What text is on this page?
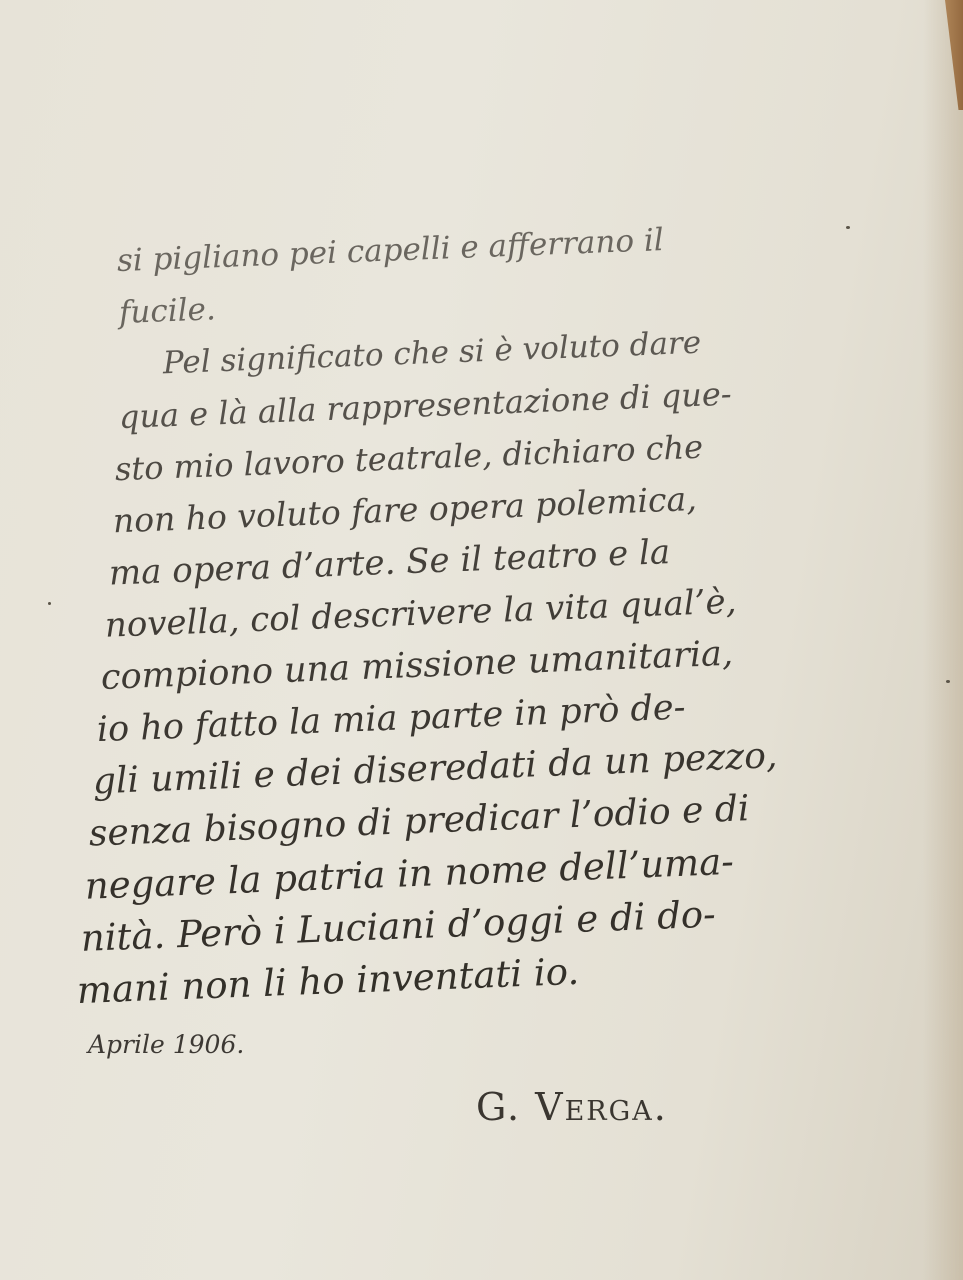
si pigliano pei capelli e afferrano il
fucile.
Pel significato che si è voluto dare
qua e là alla rappresentazione di que-
sto mio lavoro teatrale, dichiaro che
non ho voluto fare opera polemica,
ma opera d’arte. Se il teatro e la
novella, col descrivere la vita qual’è,
compiono una missione umanitaria,
io ho fatto la mia parte in prò de-
gli umili e dei diseredati da un pezzo,
senza bisogno di predicar l’odio e di
negare la patria in nome dell’uma-
nità. Però i Luciani d’oggi e di do-
mani non li ho inventati io.
Aprile 1906.
G. Verga.
